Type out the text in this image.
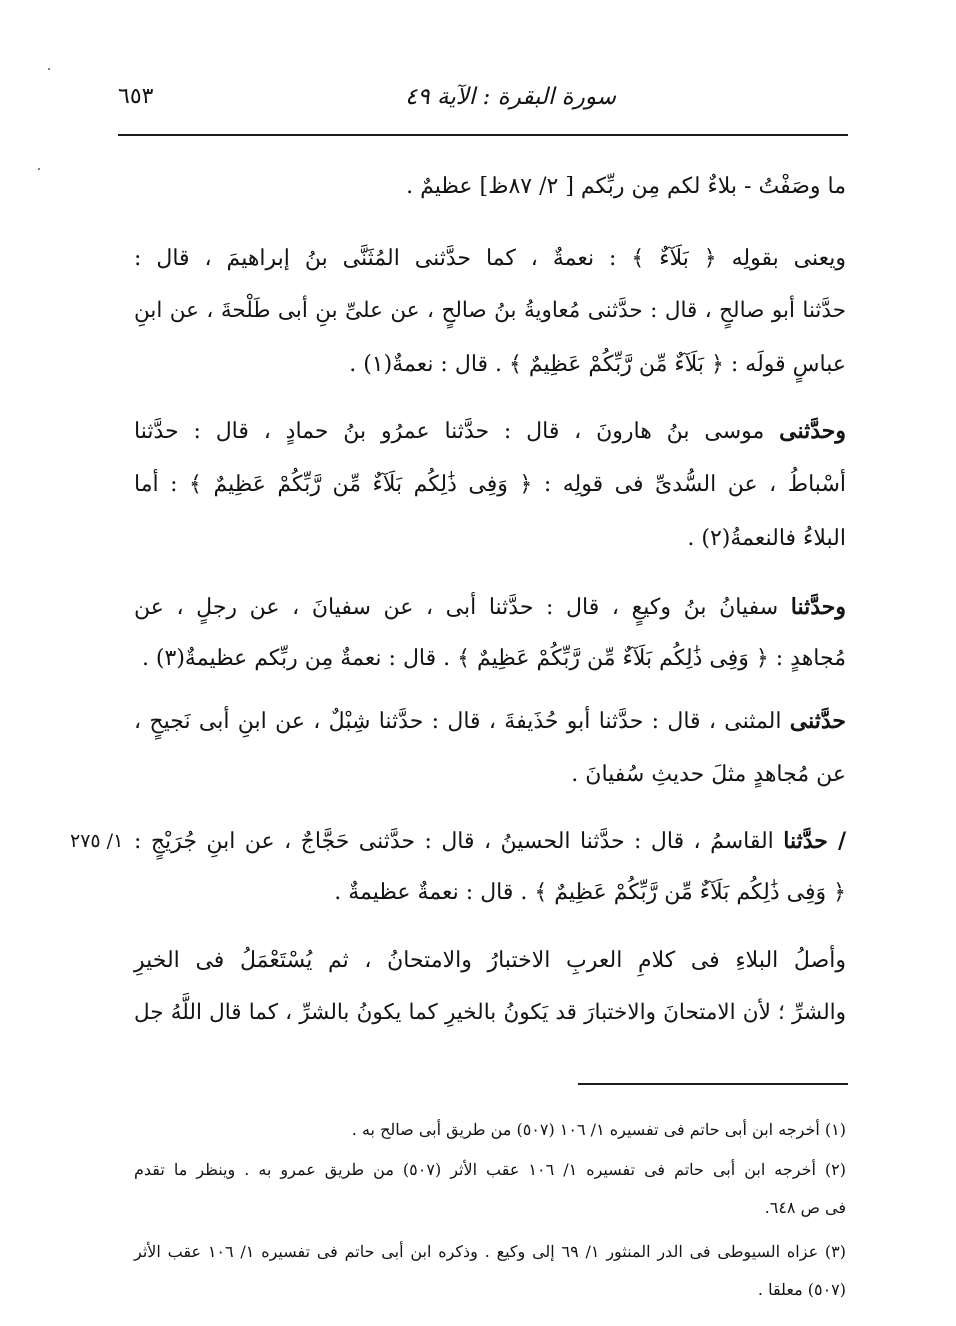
سورة البقرة : الآية ٤٩
٦٥٣
ما وصَفْتُ - بلاءٌ لكم مِن ربِّكم [ ٢/ ٨٧ظ] عظيمٌ .
ويعنى بقولِه ﴿ بَلَآءٌ ﴾ : نعمةٌ ، كما حدَّثنى المُثَنَّى بنُ إبراهيمَ ، قال :
حدَّثنا أبو صالحٍ ، قال : حدَّثنى مُعاويةُ بنُ صالحٍ ، عن علىِّ بنِ أبى طَلْحةَ ، عن ابنِ
عباسٍ قولَه : ﴿ بَلَآءٌ مِّن رَّبِّكُمْ عَظِيمٌ ﴾ . قال : نعمةٌ(١) .
وحدَّثنى موسى بنُ هارونَ ، قال : حدَّثنا عمرُو بنُ حمادٍ ، قال : حدَّثنا
أسْباطُ ، عن السُّدىِّ فى قولِه : ﴿ وَفِى ذَٰلِكُم بَلَآءٌ مِّن رَّبِّكُمْ عَظِيمٌ ﴾ : أما
البلاءُ فالنعمةُ(٢) .
وحدَّثنا سفيانُ بنُ وكيعٍ ، قال : حدَّثنا أبى ، عن سفيانَ ، عن رجلٍ ، عن
مُجاهدٍ : ﴿ وَفِى ذَٰلِكُم بَلَآءٌ مِّن رَّبِّكُمْ عَظِيمٌ ﴾ . قال : نعمةٌ مِن ربِّكم عظيمةٌ(٣) .
حدَّثنى المثنى ، قال : حدَّثنا أبو حُذَيفةَ ، قال : حدَّثنا شِبْلٌ ، عن ابنِ أبى نَجيحٍ ،
عن مُجاهدٍ مثلَ حديثِ سُفيانَ .
/ حدَّثنا القاسمُ ، قال : حدَّثنا الحسينُ ، قال : حدَّثنى حَجَّاجٌ ، عن ابنِ جُرَيْجٍ :
١/ ٢٧٥
﴿ وَفِى ذَٰلِكُم بَلَآءٌ مِّن رَّبِّكُمْ عَظِيمٌ ﴾ . قال : نعمةٌ عظيمةٌ .
وأصلُ البلاءِ فى كلامِ العربِ الاختبارُ والامتحانُ ، ثم يُسْتَعْمَلُ فى الخيرِ
والشرِّ ؛ لأن الامتحانَ والاختبارَ قد يَكونُ بالخيرِ كما يكونُ بالشرِّ ، كما قال اللَّهُ جل
(١) أخرجه ابن أبى حاتم فى تفسيره ١/ ١٠٦ (٥٠٧) من طريق أبى صالح به .
(٢) أخرجه ابن أبى حاتم فى تفسيره ١/ ١٠٦ عقب الأثر (٥٠٧) من طريق عمرو به . وينظر ما تقدم
فى ص ٦٤٨.
(٣) عزاه السيوطى فى الدر المنثور ١/ ٦٩ إلى وكيع . وذكره ابن أبى حاتم فى تفسيره ١/ ١٠٦ عقب الأثر
(٥٠٧) معلقا .
